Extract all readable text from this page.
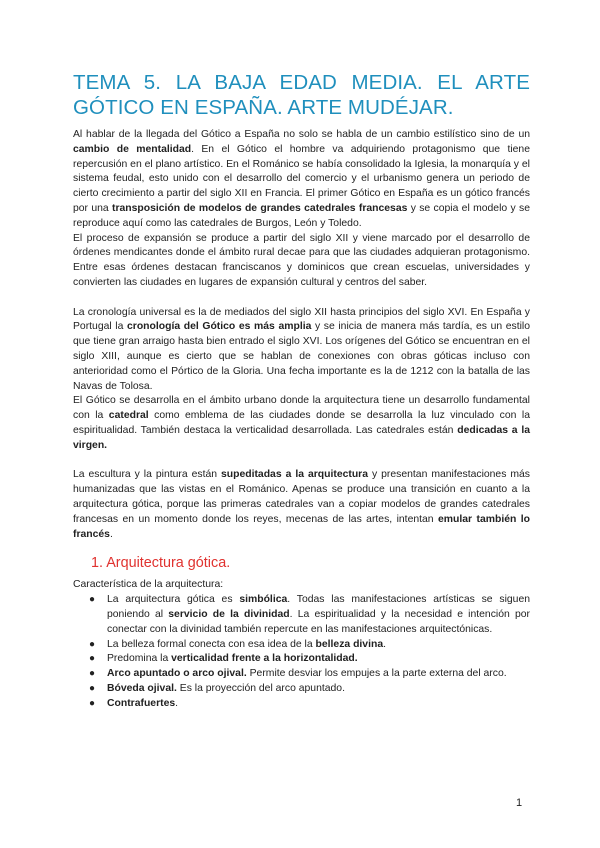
TEMA 5. LA BAJA EDAD MEDIA. EL ARTE GÓTICO EN ESPAÑA. ARTE MUDÉJAR.

Al hablar de la llegada del Gótico a España no solo se habla de un cambio estilístico sino de un cambio de mentalidad. En el Gótico el hombre va adquiriendo protagonismo que tiene repercusión en el plano artístico. En el Románico se había consolidado la Iglesia, la monarquía y el sistema feudal, esto unido con el desarrollo del comercio y el urbanismo genera un periodo de cierto crecimiento a partir del siglo XII en Francia. El primer Gótico en España es un gótico francés por una transposición de modelos de grandes catedrales francesas y se copia el modelo y se reproduce aquí como las catedrales de Burgos, León y Toledo.

El proceso de expansión se produce a partir del siglo XII y viene marcado por el desarrollo de órdenes mendicantes donde el ámbito rural decae para que las ciudades adquieran protagonismo. Entre esas órdenes destacan franciscanos y dominicos que crean escuelas, universidades y convierten las ciudades en lugares de expansión cultural y centros del saber.

La cronología universal es la de mediados del siglo XII hasta principios del siglo XVI. En España y Portugal la cronología del Gótico es más amplia y se inicia de manera más tardía, es un estilo que tiene gran arraigo hasta bien entrado el siglo XVI. Los orígenes del Gótico se encuentran en el siglo XIII, aunque es cierto que se hablan de conexiones con obras góticas incluso con anterioridad como el Pórtico de la Gloria. Una fecha importante es la de 1212 con la batalla de las Navas de Tolosa.

El Gótico se desarrolla en el ámbito urbano donde la arquitectura tiene un desarrollo fundamental con la catedral como emblema de las ciudades donde se desarrolla la luz vinculado con la espiritualidad. También destaca la verticalidad desarrollada. Las catedrales están dedicadas a la virgen.

La escultura y la pintura están supeditadas a la arquitectura y presentan manifestaciones más humanizadas que las vistas en el Románico. Apenas se produce una transición en cuanto a la arquitectura gótica, porque las primeras catedrales van a copiar modelos de grandes catedrales francesas en un momento donde los reyes, mecenas de las artes, intentan emular también lo francés.

1. Arquitectura gótica.

Característica de la arquitectura:

● La arquitectura gótica es simbólica. Todas las manifestaciones artísticas se siguen poniendo al servicio de la divinidad. La espiritualidad y la necesidad e intención por conectar con la divinidad también repercute en las manifestaciones arquitectónicas.
● La belleza formal conecta con esa idea de la belleza divina.
● Predomina la verticalidad frente a la horizontalidad.
● Arco apuntado o arco ojival. Permite desviar los empujes a la parte externa del arco.
● Bóveda ojival. Es la proyección del arco apuntado.
● Contrafuertes.
1
